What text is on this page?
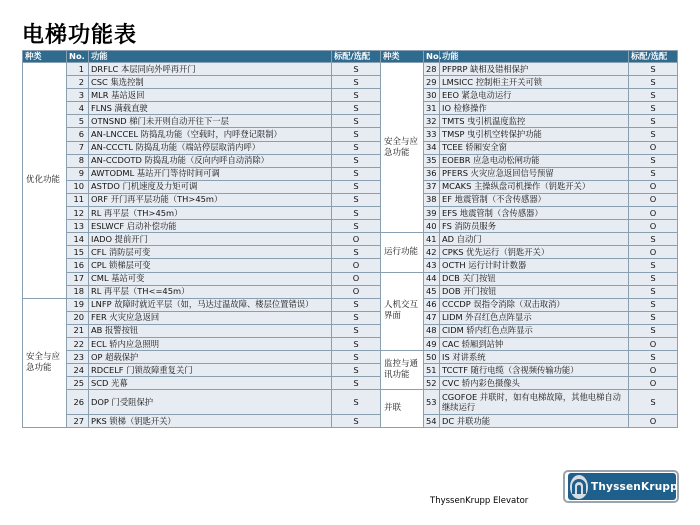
电梯功能表
种类	No.	功能	标配/选配	种类	No.	功能	标配/选配
优化功能	1	DRFLC 本层同向外呼再开门	S	安全与应急功能	28	PFPRP 缺相及错相保护	S
	2	CSC 集选控制	S		29	LMSICC 控制柜主开关可锁	S
	3	MLR 基站返回	S		30	EEO 紧急电动运行	S
	4	FLNS 满载直驶	S		31	IO 检修操作	S
	5	OTNSND 梯门未开则自动开往下一层	S		32	TMTS 曳引机温度监控	S
	6	AN-LNCCEL 防捣乱功能（空载时，内呼登记限制）	S		33	TMSP 曳引机空转保护功能	S
	7	AN-CCCTL 防捣乱功能（端站停层取消内呼）	S		34	TCEE 轿厢安全窗	O
	8	AN-CCDOTD 防捣乱功能（反向内呼自动消除）	S		35	EOEBR 应急电动松闸功能	S
	9	AWTODML 基站开门等待时间可调	S		36	PFERS 火灾应急返回信号预留	S
	10	ASTDO 门机速度及力矩可调	S		37	MCAKS 主操纵盘司机操作（钥匙开关）	O
	11	ORF 开门再平层功能（TH>45m）	S		38	EF 地震管制（不含传感器）	O
	12	RL 再平层（TH>45m）	S		39	EFS 地震管制（含传感器）	O
	13	ESLWCF 启动补偿功能	S		40	FS 消防员服务	O
	14	IADO 提前开门	O	运行功能	41	AD 自动门	S
	15	CFL 消防层可变	S		42	CPKS 优先运行（钥匙开关）	O
	16	CPL 锁梯层可变	O		43	OCTH 运行计时计数器	S
	17	CML 基站可变	O	人机交互界面	44	DCB 关门按钮	S
	18	RL 再平层（TH<=45m）	O		45	DOB 开门按钮	S
安全与应急功能	19	LNFP 故障时就近平层（如，马达过温故障、楼层位置错误）	S		46	CCCDP 误指令消除（双击取消）	S
	20	FER 火灾应急返回	S		47	LIDM 外召红色点阵显示	S
	21	AB 报警按钮	S		48	CIDM 轿内红色点阵显示	S
	22	ECL 轿内应急照明	S		49	CAC 轿厢到站钟	O
	23	OP 超载保护	S	监控与通讯功能	50	IS 对讲系统	S
	24	RDCELF 门锁故障重复关门	S		51	TCCTF 随行电缆（含视频传输功能）	O
	25	SCD 光幕	S		52	CVC 轿内彩色摄像头	O
	26	DOP 门受阻保护	S	并联	53	CGOFOE 并联时，如有电梯故障，其他电梯自动继续运行	S
	27	PKS 锁梯（钥匙开关）	S		54	DC 并联功能	O
ThyssenKrupp Elevator
ThyssenKrupp
